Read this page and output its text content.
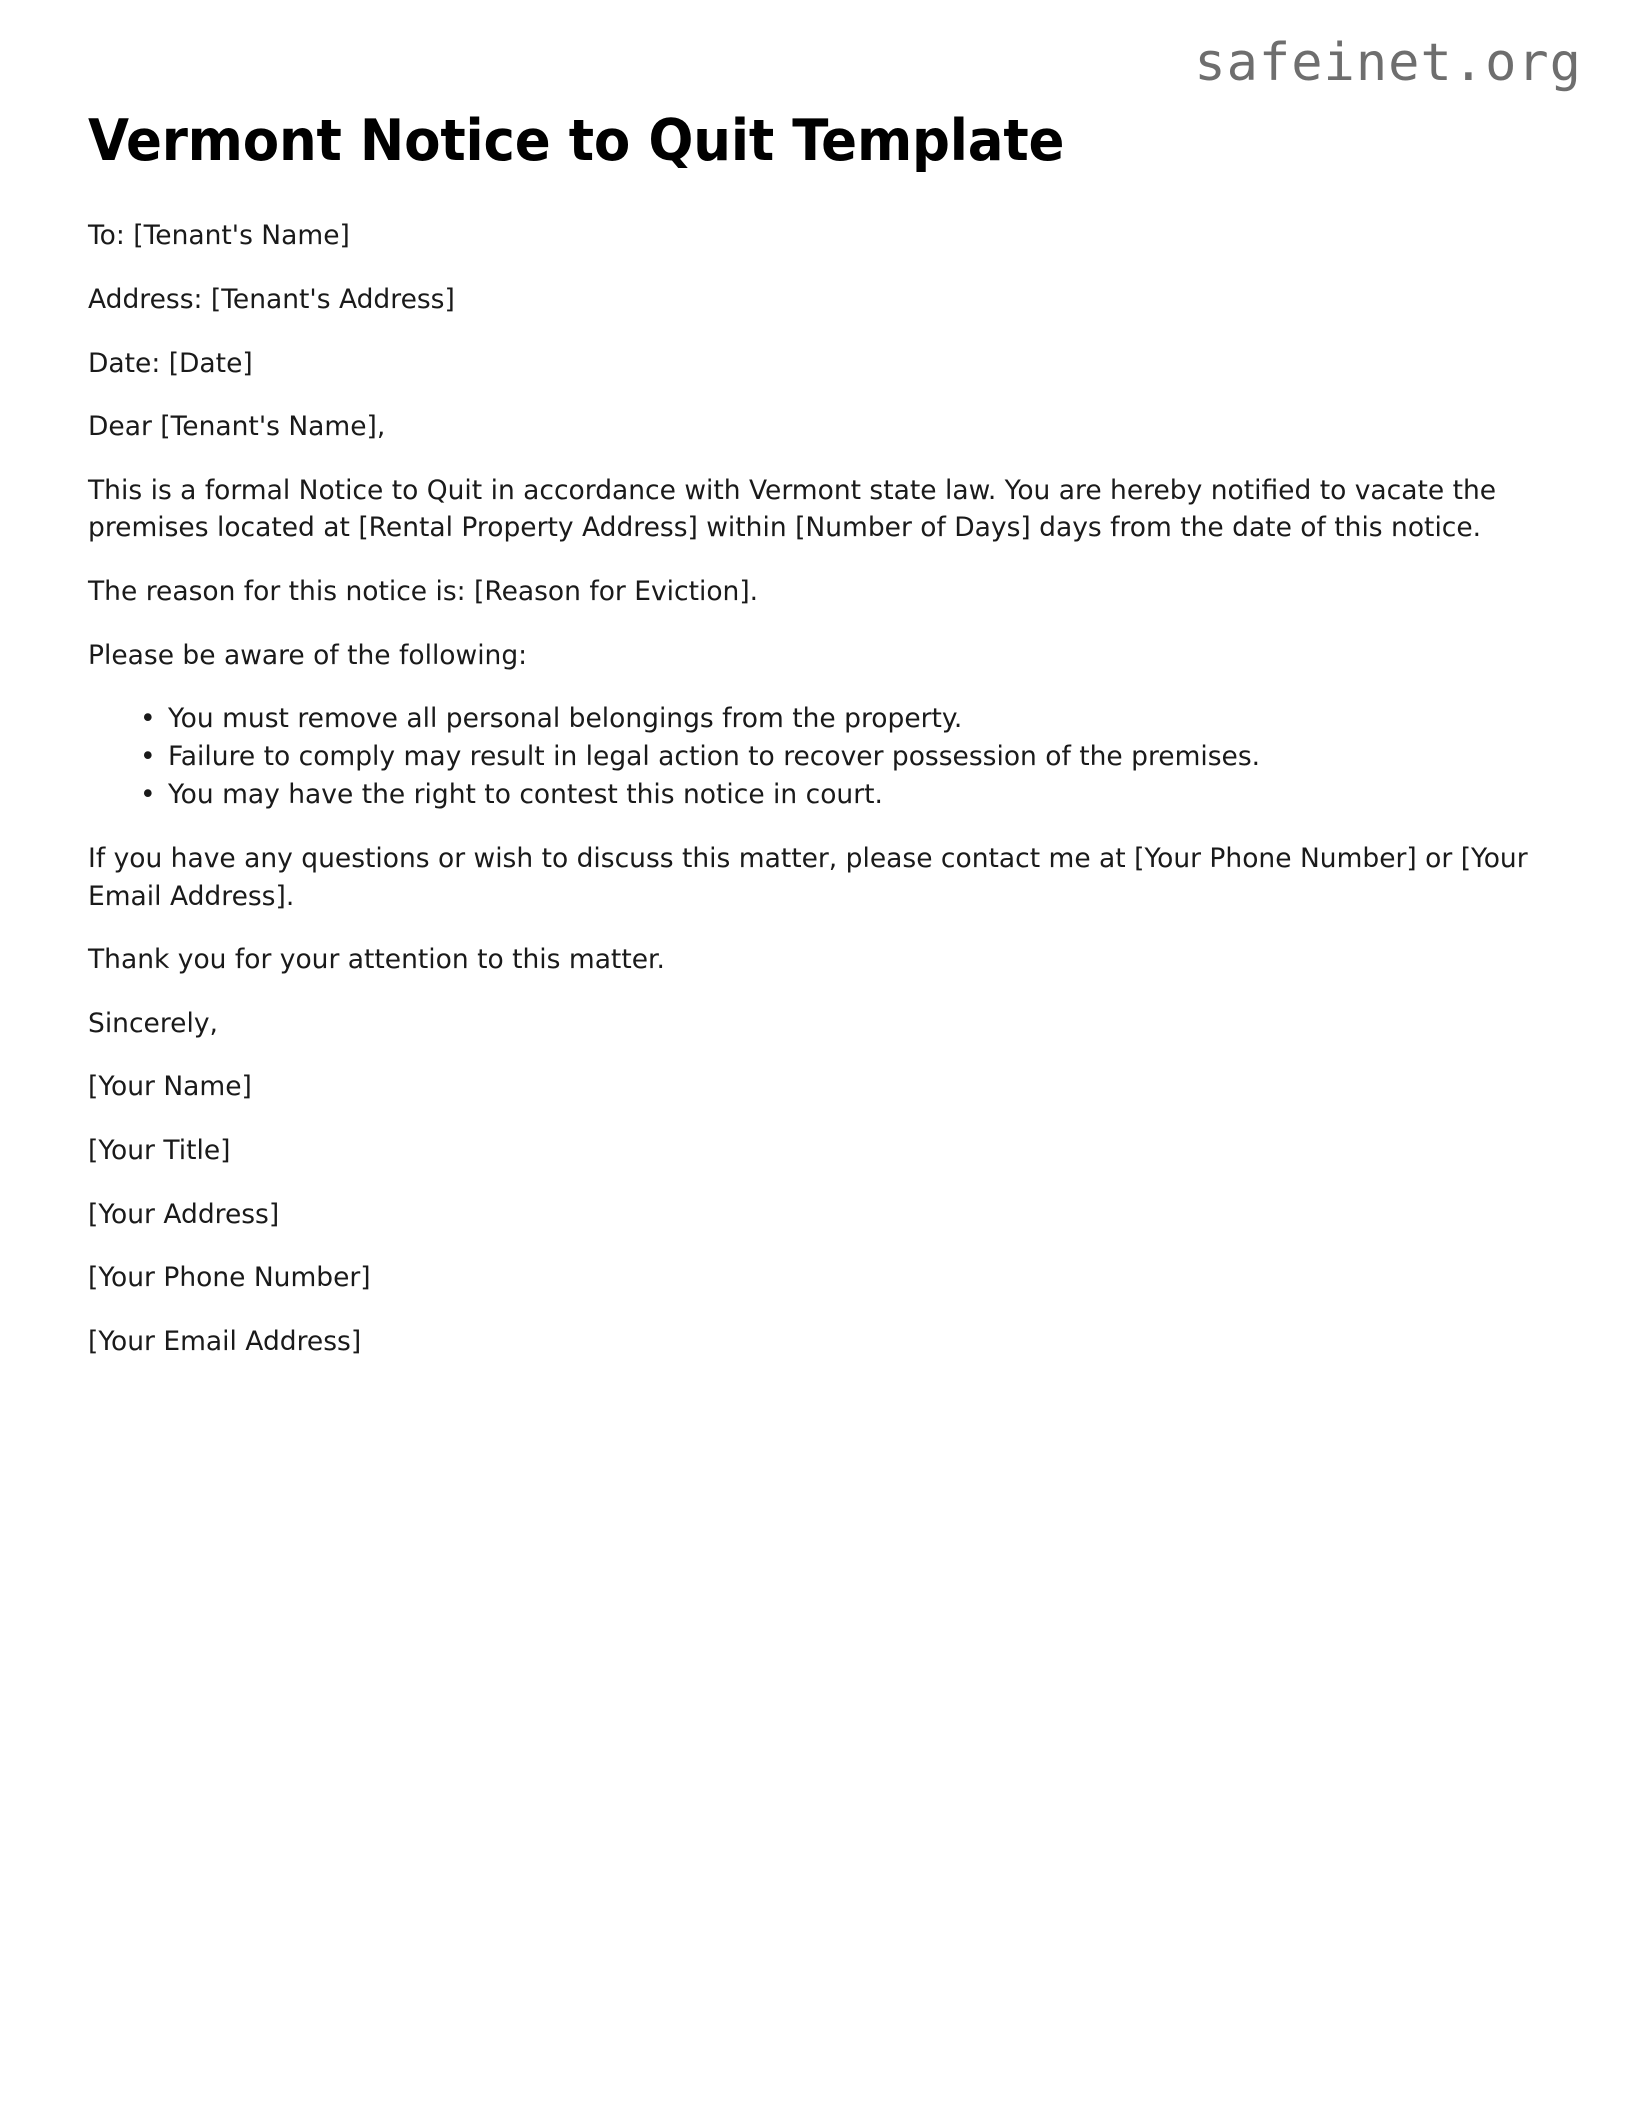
safeinet.org
Vermont Notice to Quit Template

To: [Tenant's Name]

Address: [Tenant's Address]

Date: [Date]

Dear [Tenant's Name],

This is a formal Notice to Quit in accordance with Vermont state law. You are hereby notified to vacate the premises located at [Rental Property Address] within [Number of Days] days from the date of this notice.

The reason for this notice is: [Reason for Eviction].

Please be aware of the following:

• You must remove all personal belongings from the property.
• Failure to comply may result in legal action to recover possession of the premises.
• You may have the right to contest this notice in court.

If you have any questions or wish to discuss this matter, please contact me at [Your Phone Number] or [Your Email Address].

Thank you for your attention to this matter.

Sincerely,

[Your Name]

[Your Title]

[Your Address]

[Your Phone Number]

[Your Email Address]
